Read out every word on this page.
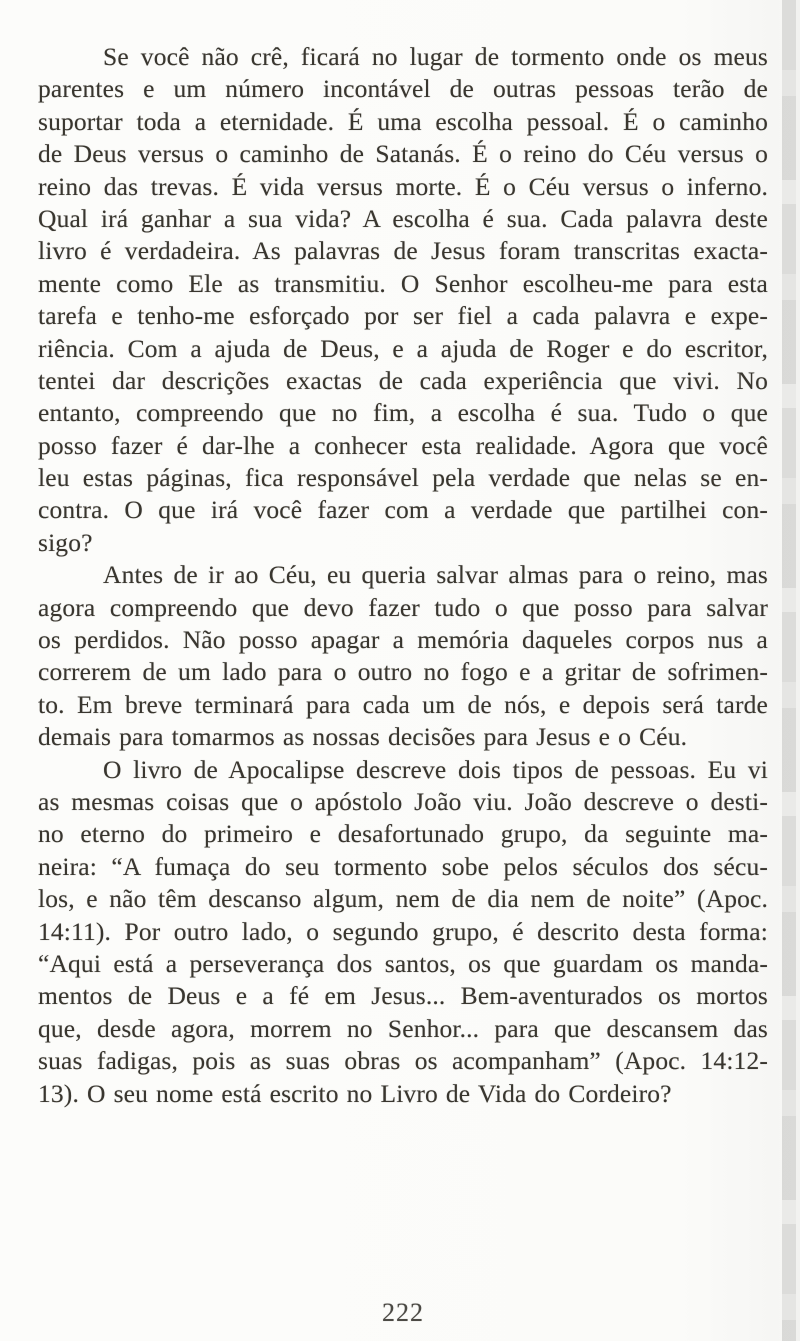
Se você não crê, ficará no lugar de tormento onde os meus
parentes e um número incontável de outras pessoas terão de
suportar toda a eternidade. É uma escolha pessoal. É o caminho
de Deus versus o caminho de Satanás. É o reino do Céu versus o
reino das trevas. É vida versus morte. É o Céu versus o inferno.
Qual irá ganhar a sua vida? A escolha é sua. Cada palavra deste
livro é verdadeira. As palavras de Jesus foram transcritas exacta-
mente como Ele as transmitiu. O Senhor escolheu-me para esta
tarefa e tenho-me esforçado por ser fiel a cada palavra e expe-
riência. Com a ajuda de Deus, e a ajuda de Roger e do escritor,
tentei dar descrições exactas de cada experiência que vivi. No
entanto, compreendo que no fim, a escolha é sua. Tudo o que
posso fazer é dar-lhe a conhecer esta realidade. Agora que você
leu estas páginas, fica responsável pela verdade que nelas se en-
contra. O que irá você fazer com a verdade que partilhei con-
sigo?
Antes de ir ao Céu, eu queria salvar almas para o reino, mas
agora compreendo que devo fazer tudo o que posso para salvar
os perdidos. Não posso apagar a memória daqueles corpos nus a
correrem de um lado para o outro no fogo e a gritar de sofrimen-
to. Em breve terminará para cada um de nós, e depois será tarde
demais para tomarmos as nossas decisões para Jesus e o Céu.
O livro de Apocalipse descreve dois tipos de pessoas. Eu vi
as mesmas coisas que o apóstolo João viu. João descreve o desti-
no eterno do primeiro e desafortunado grupo, da seguinte ma-
neira: “A fumaça do seu tormento sobe pelos séculos dos sécu-
los, e não têm descanso algum, nem de dia nem de noite” (Apoc.
14:11). Por outro lado, o segundo grupo, é descrito desta forma:
“Aqui está a perseverança dos santos, os que guardam os manda-
mentos de Deus e a fé em Jesus... Bem-aventurados os mortos
que, desde agora, morrem no Senhor... para que descansem das
suas fadigas, pois as suas obras os acompanham” (Apoc. 14:12-
13). O seu nome está escrito no Livro de Vida do Cordeiro?
222
